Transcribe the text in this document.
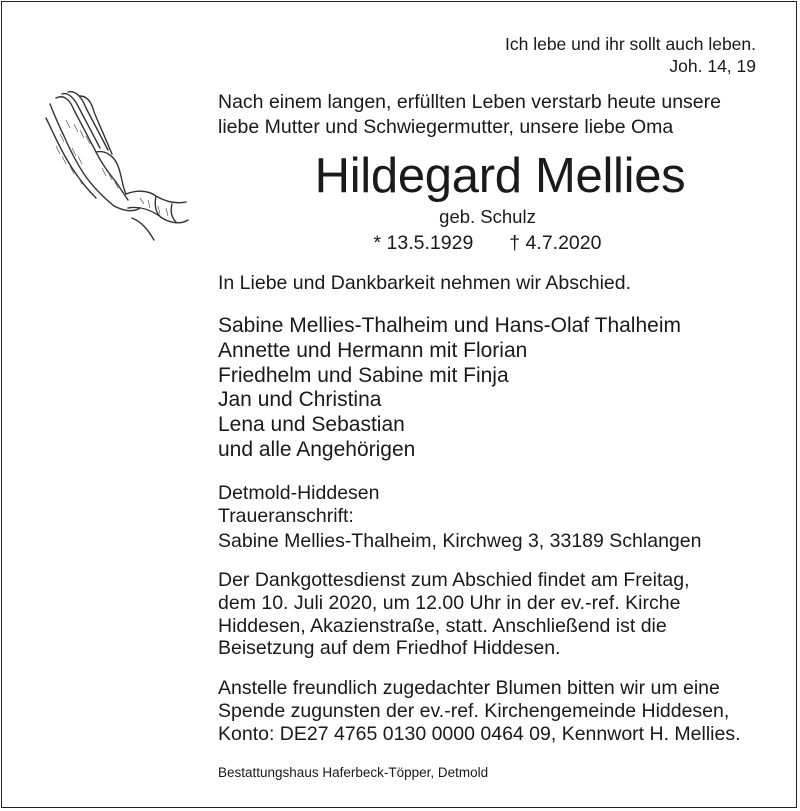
Ich lebe und ihr sollt auch leben.
Joh. 14, 19
Nach einem langen, erfüllten Leben verstarb heute unsere
liebe Mutter und Schwiegermutter, unsere liebe Oma
Hildegard Mellies
geb. Schulz
* 13.5.1929 † 4.7.2020
In Liebe und Dankbarkeit nehmen wir Abschied.
Sabine Mellies-Thalheim und Hans-Olaf Thalheim
Annette und Hermann mit Florian
Friedhelm und Sabine mit Finja
Jan und Christina
Lena und Sebastian
und alle Angehörigen
Detmold-Hiddesen
Traueranschrift:
Sabine Mellies-Thalheim, Kirchweg 3, 33189 Schlangen
Der Dankgottesdienst zum Abschied findet am Freitag,
dem 10. Juli 2020, um 12.00 Uhr in der ev.-ref. Kirche
Hiddesen, Akazienstraße, statt. Anschließend ist die
Beisetzung auf dem Friedhof Hiddesen.
Anstelle freundlich zugedachter Blumen bitten wir um eine
Spende zugunsten der ev.-ref. Kirchengemeinde Hiddesen,
Konto: DE27 4765 0130 0000 0464 09, Kennwort H. Mellies.
Bestattungshaus Haferbeck-Töpper, Detmold
